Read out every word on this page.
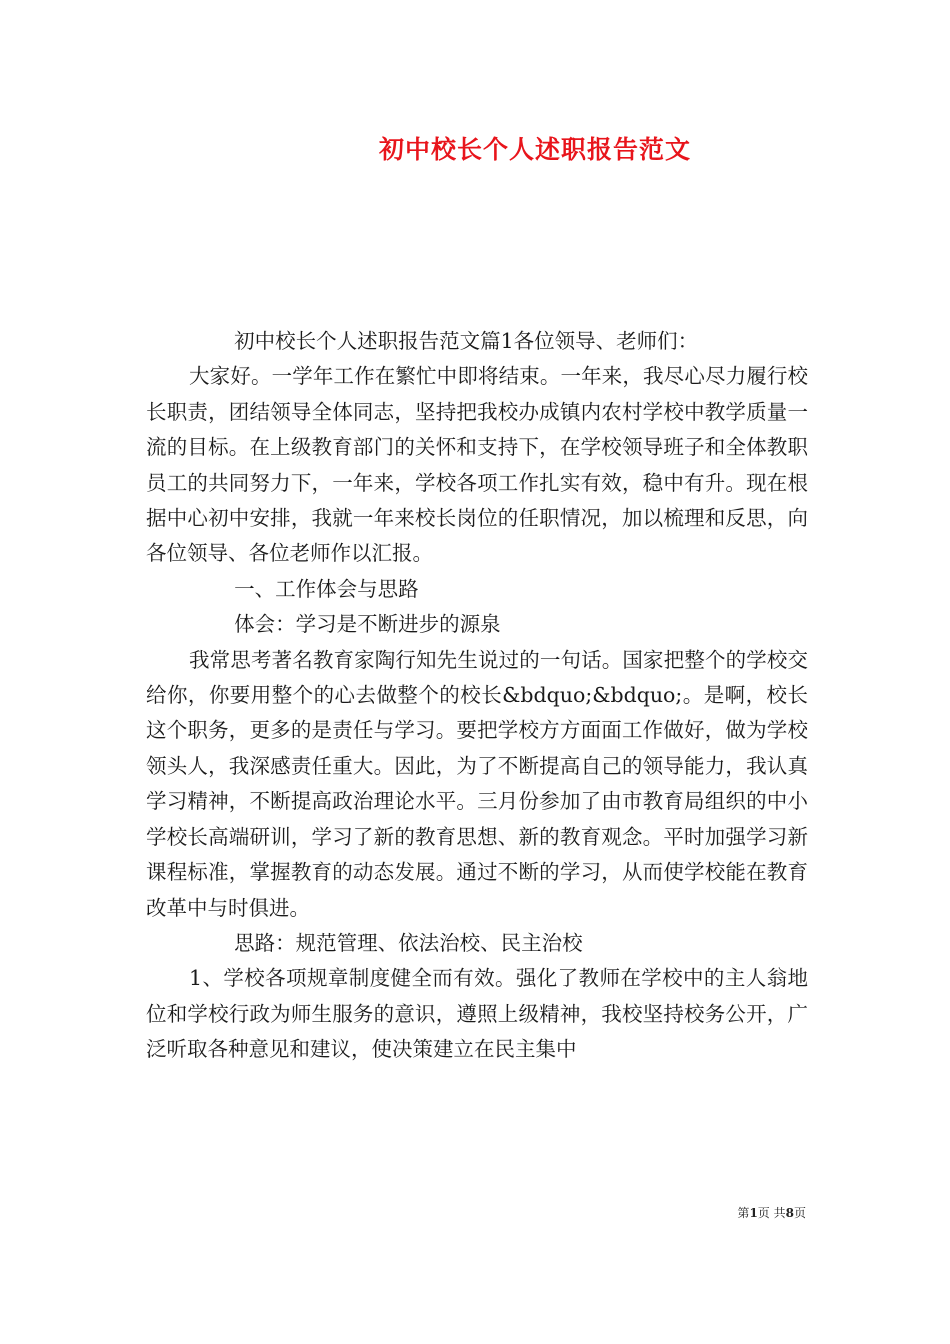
初中校长个人述职报告范文

初中校长个人述职报告范文篇1各位领导、老师们：

大家好。一学年工作在繁忙中即将结束。一年来，我尽心尽力履行校长职责，团结领导全体同志，坚持把我校办成镇内农村学校中教学质量一流的目标。在上级教育部门的关怀和支持下，在学校领导班子和全体教职员工的共同努力下，一年来，学校各项工作扎实有效，稳中有升。现在根据中心初中安排，我就一年来校长岗位的任职情况，加以梳理和反思，向各位领导、各位老师作以汇报。

一、工作体会与思路

体会：学习是不断进步的源泉

我常思考著名教育家陶行知先生说过的一句话。国家把整个的学校交给你，你要用整个的心去做整个的校长&bdquo;&bdquo;。是啊，校长这个职务，更多的是责任与学习。要把学校方方面面工作做好，做为学校领头人，我深感责任重大。因此，为了不断提高自己的领导能力，我认真学习精神，不断提高政治理论水平。三月份参加了由市教育局组织的中小学校长高端研训，学习了新的教育思想、新的教育观念。平时加强学习新课程标准，掌握教育的动态发展。通过不断的学习，从而使学校能在教育改革中与时俱进。

思路：规范管理、依法治校、民主治校

1、学校各项规章制度健全而有效。强化了教师在学校中的主人翁地位和学校行政为师生服务的意识，遵照上级精神，我校坚持校务公开，广泛听取各种意见和建议，使决策建立在民主集中

第1页 共8页
